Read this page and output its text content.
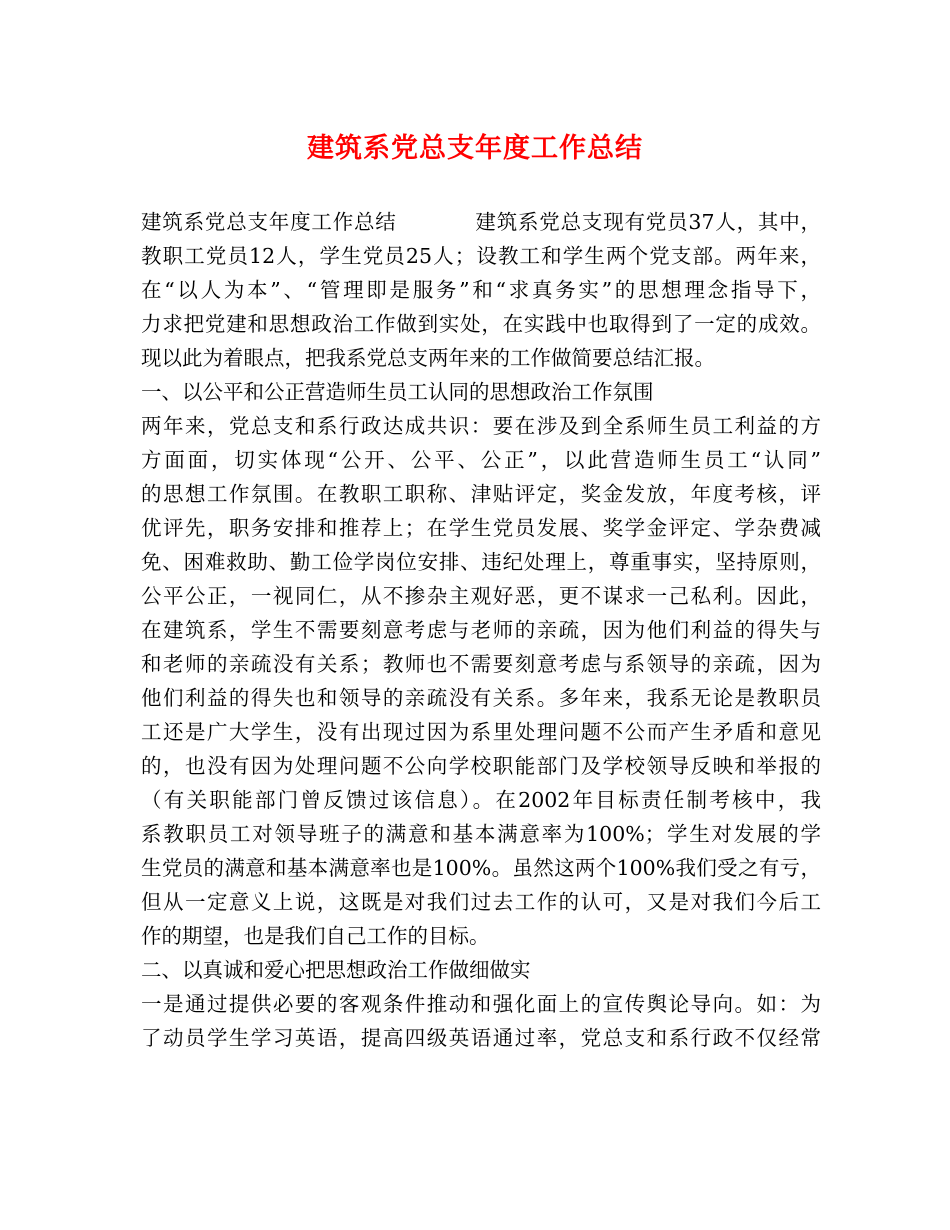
建筑系党总支年度工作总结
建筑系党总支年度工作总结	建筑系党总支现有党员37人，其中，
教职工党员12人，学生党员25人；设教工和学生两个党支部。两年来，
在“以人为本”、“管理即是服务”和“求真务实”的思想理念指导下，
力求把党建和思想政治工作做到实处，在实践中也取得到了一定的成效。
现以此为着眼点，把我系党总支两年来的工作做简要总结汇报。
一、以公平和公正营造师生员工认同的思想政治工作氛围
两年来，党总支和系行政达成共识：要在涉及到全系师生员工利益的方
方面面，切实体现“公开、公平、公正”，以此营造师生员工“认同”
的思想工作氛围。在教职工职称、津贴评定，奖金发放，年度考核，评
优评先，职务安排和推荐上；在学生党员发展、奖学金评定、学杂费减
免、困难救助、勤工俭学岗位安排、违纪处理上，尊重事实，坚持原则，
公平公正，一视同仁，从不掺杂主观好恶，更不谋求一己私利。因此，
在建筑系，学生不需要刻意考虑与老师的亲疏，因为他们利益的得失与
和老师的亲疏没有关系；教师也不需要刻意考虑与系领导的亲疏，因为
他们利益的得失也和领导的亲疏没有关系。多年来，我系无论是教职员
工还是广大学生，没有出现过因为系里处理问题不公而产生矛盾和意见
的，也没有因为处理问题不公向学校职能部门及学校领导反映和举报的
（有关职能部门曾反馈过该信息）。在2002年目标责任制考核中，我
系教职员工对领导班子的满意和基本满意率为100%；学生对发展的学
生党员的满意和基本满意率也是100%。虽然这两个100%我们受之有亏，
但从一定意义上说，这既是对我们过去工作的认可，又是对我们今后工
作的期望，也是我们自己工作的目标。
二、以真诚和爱心把思想政治工作做细做实
一是通过提供必要的客观条件推动和强化面上的宣传舆论导向。如：为
了动员学生学习英语，提高四级英语通过率，党总支和系行政不仅经常
